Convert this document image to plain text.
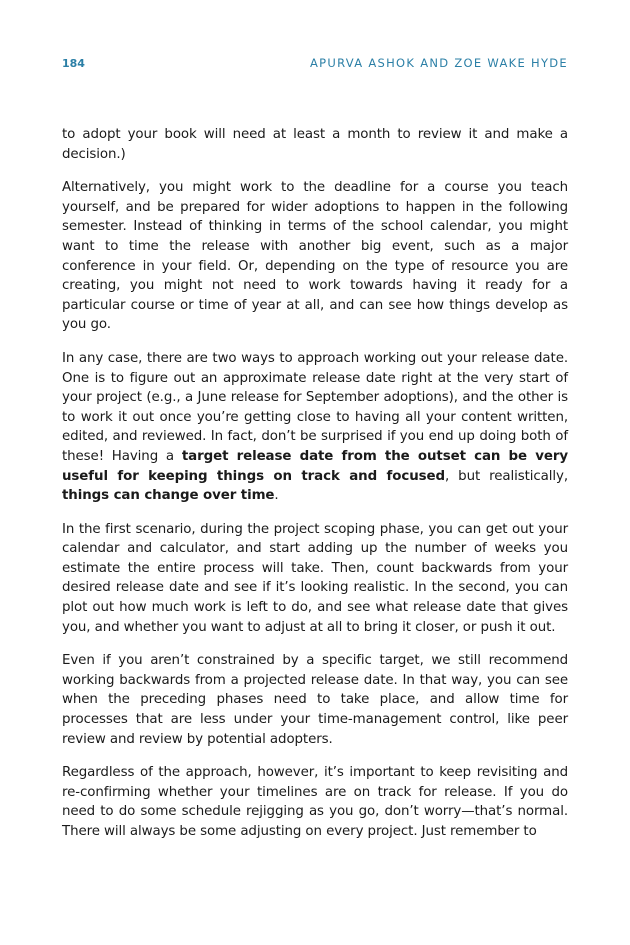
184	APURVA ASHOK AND ZOE WAKE HYDE

to adopt your book will need at least a month to review it and make a decision.)

Alternatively, you might work to the deadline for a course you teach yourself, and be prepared for wider adoptions to happen in the following semester. Instead of thinking in terms of the school calendar, you might want to time the release with another big event, such as a major conference in your field. Or, depending on the type of resource you are creating, you might not need to work towards having it ready for a particular course or time of year at all, and can see how things develop as you go.

In any case, there are two ways to approach working out your release date. One is to figure out an approximate release date right at the very start of your project (e.g., a June release for September adoptions), and the other is to work it out once you’re getting close to having all your content written, edited, and reviewed. In fact, don’t be surprised if you end up doing both of these! Having a target release date from the outset can be very useful for keeping things on track and focused, but realistically, things can change over time.

In the first scenario, during the project scoping phase, you can get out your calendar and calculator, and start adding up the number of weeks you estimate the entire process will take. Then, count backwards from your desired release date and see if it’s looking realistic. In the second, you can plot out how much work is left to do, and see what release date that gives you, and whether you want to adjust at all to bring it closer, or push it out.

Even if you aren’t constrained by a specific target, we still recommend working backwards from a projected release date. In that way, you can see when the preceding phases need to take place, and allow time for processes that are less under your time-management control, like peer review and review by potential adopters.

Regardless of the approach, however, it’s important to keep revisiting and re-confirming whether your timelines are on track for release. If you do need to do some schedule rejigging as you go, don’t worry—that’s normal. There will always be some adjusting on every project. Just remember to
